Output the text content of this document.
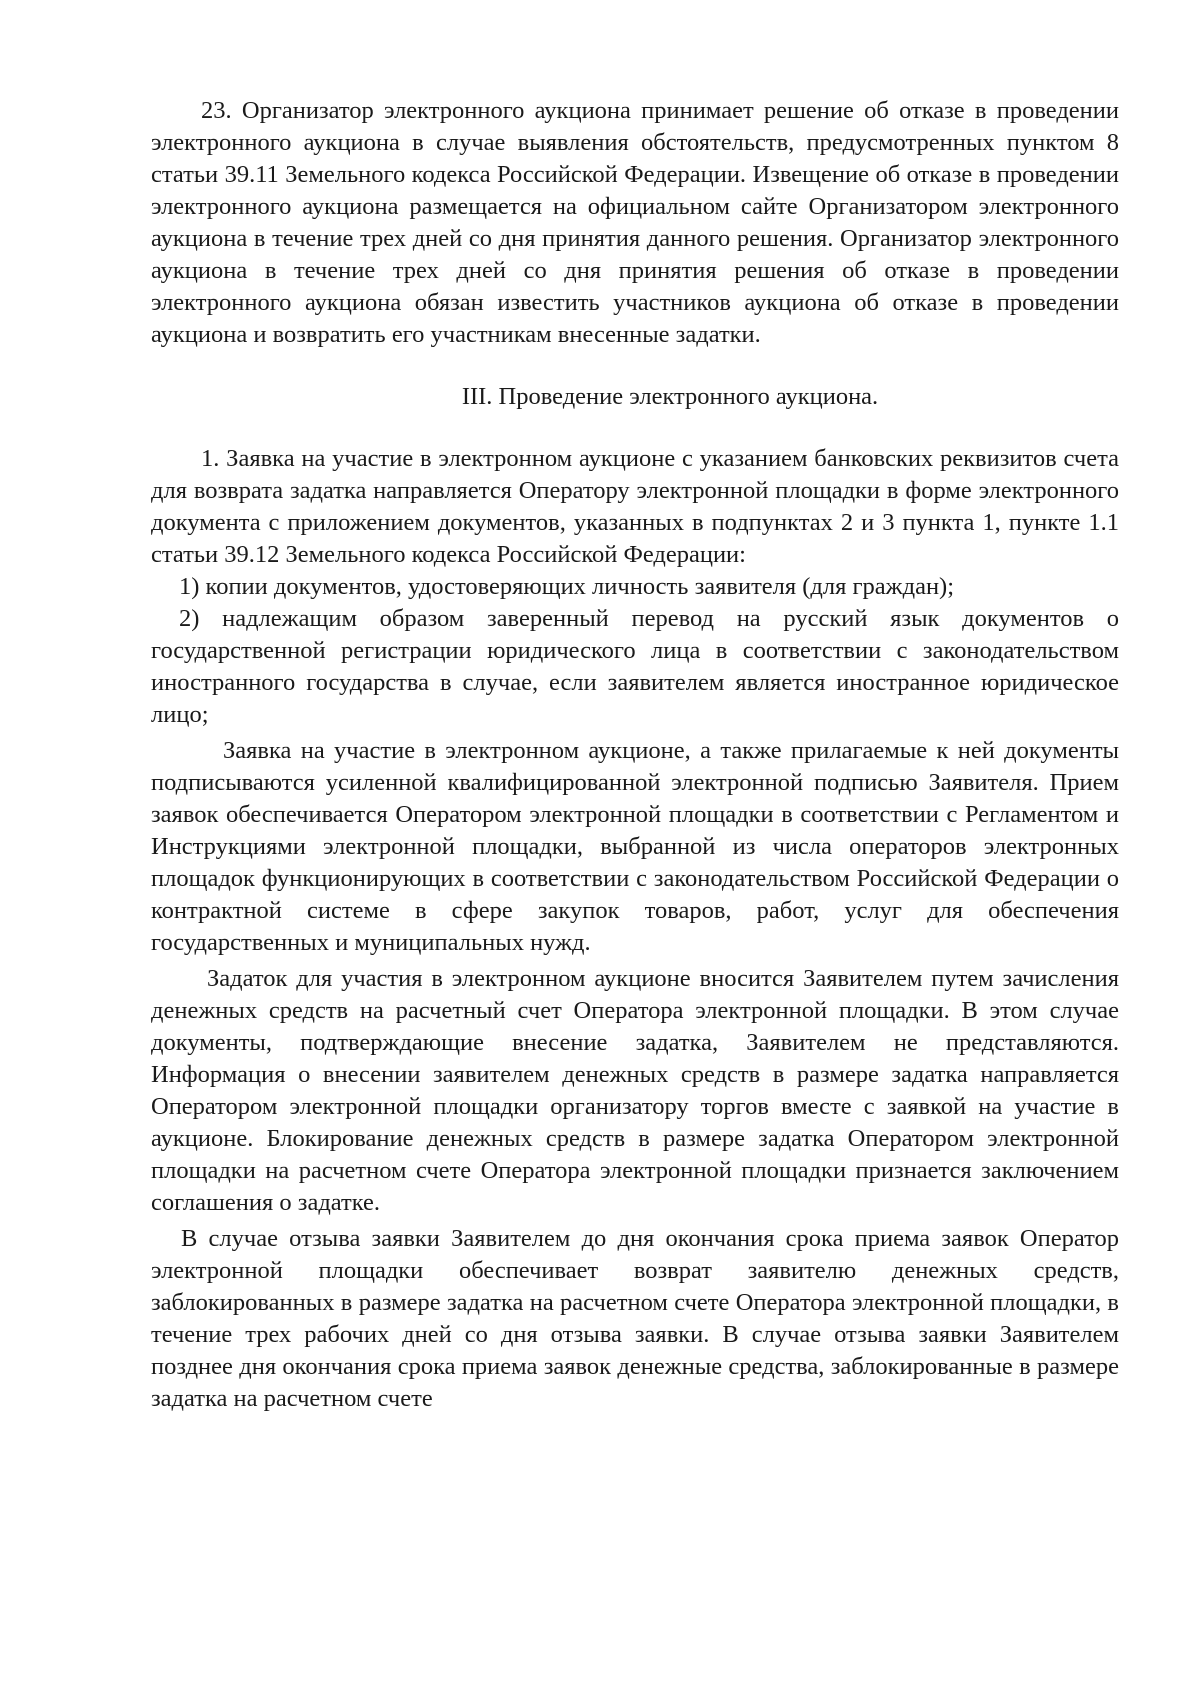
23. Организатор электронного аукциона принимает решение об отказе в проведении электронного аукциона в случае выявления обстоятельств, предусмотренных пунктом 8 статьи 39.11 Земельного кодекса Российской Федерации. Извещение об отказе в проведении электронного аукциона размещается на официальном сайте Организатором электронного аукциона в течение трех дней со дня принятия данного решения. Организатор электронного аукциона в течение трех дней со дня принятия решения об отказе в проведении электронного аукциона обязан известить участников аукциона об отказе в проведении аукциона и возвратить его участникам внесенные задатки.

III. Проведение электронного аукциона.

1. Заявка на участие в электронном аукционе с указанием банковских реквизитов счета для возврата задатка направляется Оператору электронной площадки в форме электронного документа с приложением документов, указанных в подпунктах 2 и 3 пункта 1, пункте 1.1 статьи 39.12 Земельного кодекса Российской Федерации:

1) копии документов, удостоверяющих личность заявителя (для граждан);

2) надлежащим образом заверенный перевод на русский язык документов о государственной регистрации юридического лица в соответствии с законодательством иностранного государства в случае, если заявителем является иностранное юридическое лицо;

Заявка на участие в электронном аукционе, а также прилагаемые к ней документы подписываются усиленной квалифицированной электронной подписью Заявителя. Прием заявок обеспечивается Оператором электронной площадки в соответствии с Регламентом и Инструкциями электронной площадки, выбранной из числа операторов электронных площадок функционирующих в соответствии с законодательством Российской Федерации о контрактной системе в сфере закупок товаров, работ, услуг для обеспечения государственных и муниципальных нужд.

Задаток для участия в электронном аукционе вносится Заявителем путем зачисления денежных средств на расчетный счет Оператора электронной площадки. В этом случае документы, подтверждающие внесение задатка, Заявителем не представляются. Информация о внесении заявителем денежных средств в размере задатка направляется Оператором электронной площадки организатору торгов вместе с заявкой на участие в аукционе. Блокирование денежных средств в размере задатка Оператором электронной площадки на расчетном счете Оператора электронной площадки признается заключением соглашения о задатке.

В случае отзыва заявки Заявителем до дня окончания срока приема заявок Оператор электронной площадки обеспечивает возврат заявителю денежных средств, заблокированных в размере задатка на расчетном счете Оператора электронной площадки, в течение трех рабочих дней со дня отзыва заявки. В случае отзыва заявки Заявителем позднее дня окончания срока приема заявок денежные средства, заблокированные в размере задатка на расчетном счете
